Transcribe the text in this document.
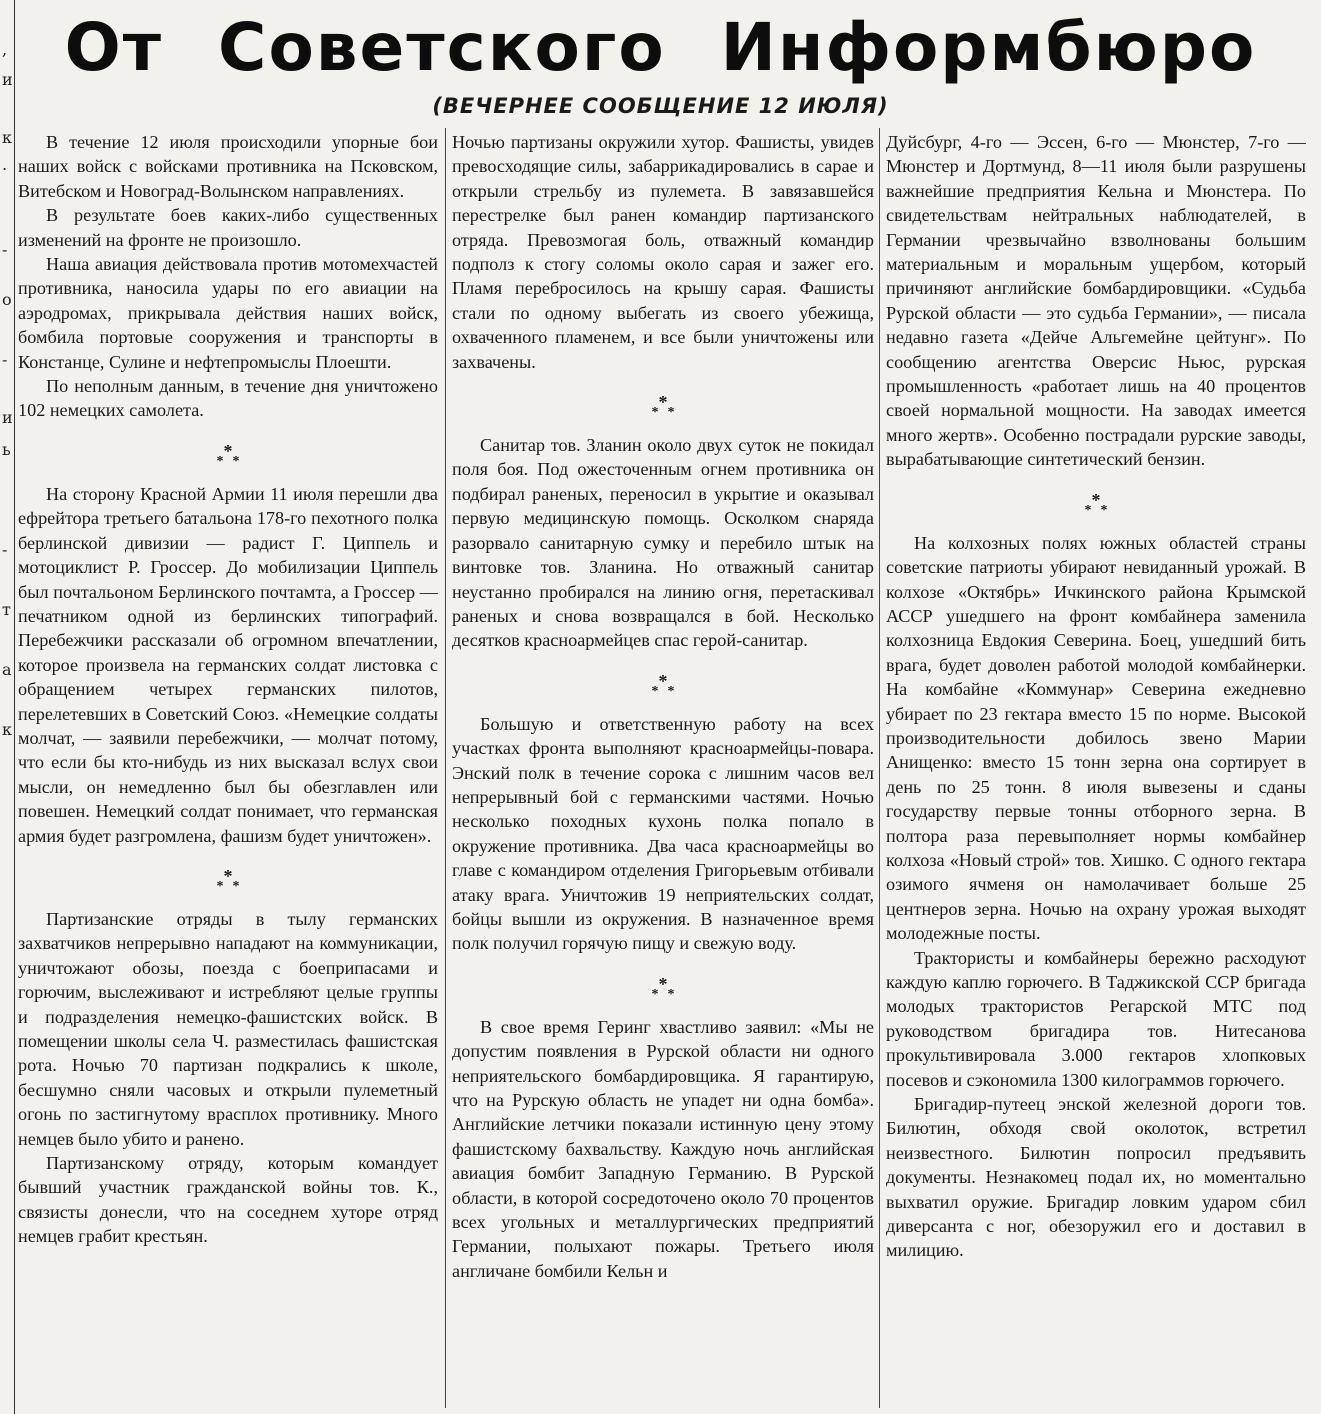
,
и
к
.
-
о
-
и
ь
-
т
а
к
От Советского Информбюро
(ВЕЧЕРНЕЕ СООБЩЕНИЕ 12 ИЮЛЯ)

В течение 12 июля происходили упорные бои наших войск с войсками противника на Псковском, Витебском и Новоград-Волынском направлениях.

В результате боев каких-либо существенных изменений на фронте не произошло.

Наша авиация действовала против мотомехчастей противника, наносила удары по его авиации на аэродромах, прикрывала действия наших войск, бомбила портовые сооружения и транспорты в Констанце, Сулине и нефтепромыслы Плоешти.

По неполным данным, в течение дня уничтожено 102 немецких самолета.

$_**_*$

На сторону Красной Армии 11 июля перешли два ефрейтора третьего батальона 178-го пехотного полка берлинской дивизии — радист Г. Циппель и мотоциклист Р. Гроссер. До мобилизации Циппель был почтальоном Берлинского почтамта, а Гроссер — печатником одной из берлинских типографий. Перебежчики рассказали об огромном впечатлении, которое произвела на германских солдат листовка с обращением четырех германских пилотов, перелетевших в Советский Союз. «Немецкие солдаты молчат, — заявили перебежчики, — молчат потому, что если бы кто-нибудь из них высказал вслух свои мысли, он немедленно был бы обезглавлен или повешен. Немецкий солдат понимает, что германская армия будет разгромлена, фашизм будет уничтожен».

$_**_*$

Партизанские отряды в тылу германских захватчиков непрерывно нападают на коммуникации, уничтожают обозы, поезда с боеприпасами и горючим, выслеживают и истребляют целые группы и подразделения немецко-фашистских войск. В помещении школы села Ч. разместилась фашистская рота. Ночью 70 партизан подкрались к школе, бесшумно сняли часовых и открыли пулеметный огонь по застигнутому врасплох противнику. Много немцев было убито и ранено.

Партизанскому отряду, которым командует бывший участник гражданской войны тов. К., связисты донесли, что на соседнем хуторе отряд немцев грабит крестьян.

Ночью партизаны окружили хутор. Фашисты, увидев превосходящие силы, забаррикадировались в сарае и открыли стрельбу из пулемета. В завязавшейся перестрелке был ранен командир партизанского отряда. Превозмогая боль, отважный командир подполз к стогу соломы около сарая и зажег его. Пламя перебросилось на крышу сарая. Фашисты стали по одному выбегать из своего убежища, охваченного пламенем, и все были уничтожены или захвачены.

$_**_*$

Санитар тов. Зланин около двух суток не покидал поля боя. Под ожесточенным огнем противника он подбирал раненых, переносил в укрытие и оказывал первую медицинскую помощь. Осколком снаряда разорвало санитарную сумку и перебило штык на винтовке тов. Зланина. Но отважный санитар неустанно пробирался на линию огня, перетаскивал раненых и снова возвращался в бой. Несколько десятков красноармейцев спас герой-санитар.

$_**_*$

Большую и ответственную работу на всех участках фронта выполняют красноармейцы-повара. Энский полк в течение сорока с лишним часов вел непрерывный бой с германскими частями. Ночью несколько походных кухонь полка попало в окружение противника. Два часа красноармейцы во главе с командиром отделения Григорьевым отбивали атаку врага. Уничтожив 19 неприятельских солдат, бойцы вышли из окружения. В назначенное время полк получил горячую пищу и свежую воду.

$_**_*$

В свое время Геринг хвастливо заявил: «Мы не допустим появления в Рурской области ни одного неприятельского бомбардировщика. Я гарантирую, что на Рурскую область не упадет ни одна бомба». Английские летчики показали истинную цену этому фашистскому бахвальству. Каждую ночь английская авиация бомбит Западную Германию. В Рурской области, в которой сосредоточено около 70 процентов всех угольных и металлургических предприятий Германии, полыхают пожары. Третьего июля англичане бомбили Кельн и

Дуйсбург, 4-го — Эссен, 6-го — Мюнстер, 7-го — Мюнстер и Дортмунд, 8—11 июля были разрушены важнейшие предприятия Кельна и Мюнстера. По свидетельствам нейтральных наблюдателей, в Германии чрезвычайно взволнованы большим материальным и моральным ущербом, который причиняют английские бомбардировщики. «Судьба Рурской области — это судьба Германии», — писала недавно газета «Дейче Альгемейне цейтунг». По сообщению агентства Оверсис Ньюс, рурская промышленность «работает лишь на 40 процентов своей нормальной мощности. На заводах имеется много жертв». Особенно пострадали рурские заводы, вырабатывающие синтетический бензин.

$_**_*$

На колхозных полях южных областей страны советские патриоты убирают невиданный урожай. В колхозе «Октябрь» Ичкинского района Крымской АССР ушедшего на фронт комбайнера заменила колхозница Евдокия Северина. Боец, ушедший бить врага, будет доволен работой молодой комбайнерки. На комбайне «Коммунар» Северина ежедневно убирает по 23 гектара вместо 15 по норме. Высокой производительности добилось звено Марии Анищенко: вместо 15 тонн зерна она сортирует в день по 25 тонн. 8 июля вывезены и сданы государству первые тонны отборного зерна. В полтора раза перевыполняет нормы комбайнер колхоза «Новый строй» тов. Хишко. С одного гектара озимого ячменя он намолачивает больше 25 центнеров зерна. Ночью на охрану урожая выходят молодежные посты.

Трактористы и комбайнеры бережно расходуют каждую каплю горючего. В Таджикской ССР бригада молодых трактористов Регарской МТС под руководством бригадира тов. Нитесанова прокультивировала 3.000 гектаров хлопковых посевов и сэкономила 1300 килограммов горючего.

Бригадир-путеец энской железной дороги тов. Билютин, обходя свой околоток, встретил неизвестного. Билютин попросил предъявить документы. Незнакомец подал их, но моментально выхватил оружие. Бригадир ловким ударом сбил диверсанта с ног, обезоружил его и доставил в милицию.
